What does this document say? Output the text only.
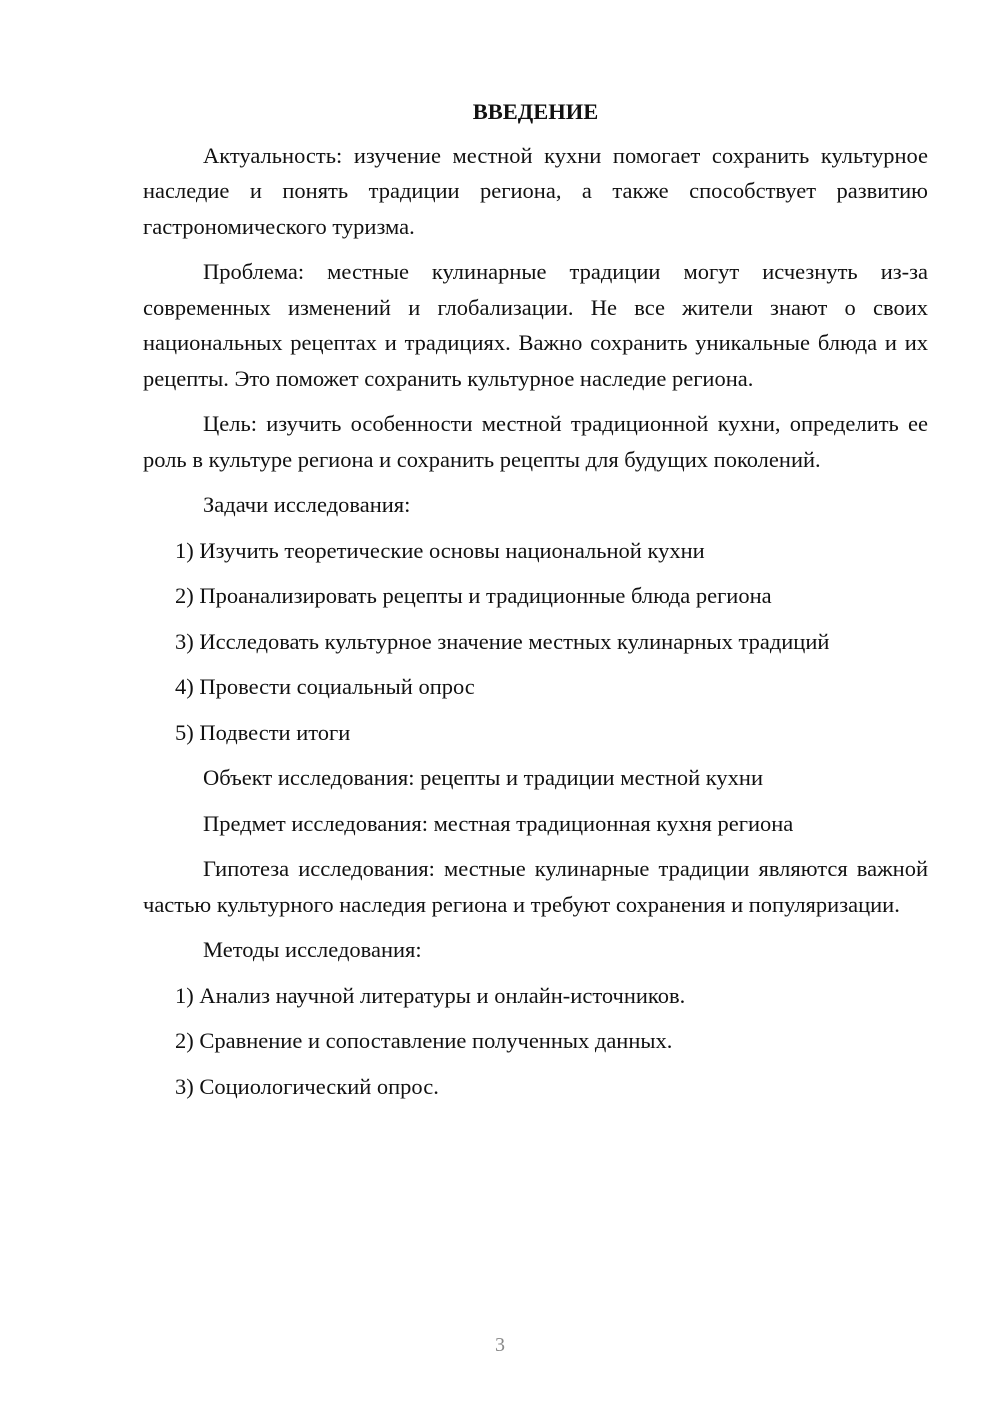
ВВЕДЕНИЕ
Актуальность: изучение местной кухни помогает сохранить культурное наследие и понять традиции региона, а также способствует развитию гастрономического туризма.
Проблема: местные кулинарные традиции могут исчезнуть из-за современных изменений и глобализации. Не все жители знают о своих национальных рецептах и традициях. Важно сохранить уникальные блюда и их рецепты. Это поможет сохранить культурное наследие региона.
Цель: изучить особенности местной традиционной кухни, определить ее роль в культуре региона и сохранить рецепты для будущих поколений.
Задачи исследования:
1) Изучить теоретические основы национальной кухни
2) Проанализировать рецепты и традиционные блюда региона
3) Исследовать культурное значение местных кулинарных традиций
4) Провести социальный опрос
5) Подвести итоги
Объект исследования: рецепты и традиции местной кухни
Предмет исследования: местная традиционная кухня региона
Гипотеза исследования: местные кулинарные традиции являются важной частью культурного наследия региона и требуют сохранения и популяризации.
Методы исследования:
1) Анализ научной литературы и онлайн-источников.
2) Сравнение и сопоставление полученных данных.
3) Социологический опрос.
3
